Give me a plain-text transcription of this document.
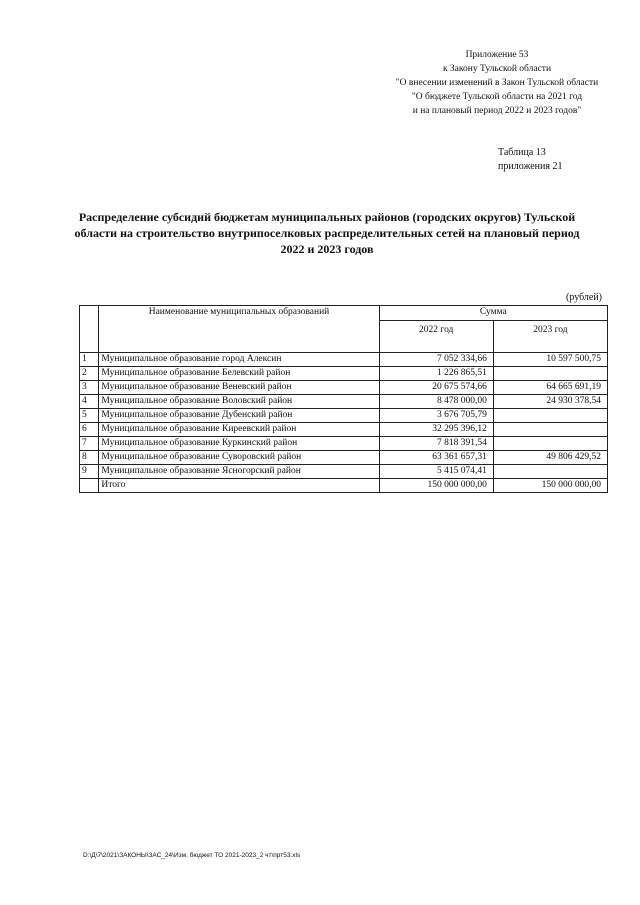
Приложение 53
к Закону Тульской области
"О внесении изменений в Закон Тульской области
"О бюджете Тульской области на 2021 год
и на плановый период 2022 и 2023 годов"
Таблица 13
приложения 21
Распределение субсидий бюджетам муниципальных районов (городских округов) Тульской области на строительство внутрипоселковых распределительных сетей на плановый период 2022 и 2023 годов
(рублей)
	Наименование муниципальных образований	Сумма	
		2022 год	2023 год
1	Муниципальное образование город Алексин	7 052 334,66	10 597 500,75
2	Муниципальное образование Белевский район	1 226 865,51	
3	Муниципальное образование Веневский район	20 675 574,66	64 665 691,19
4	Муниципальное образование Воловский район	8 478 000,00	24 930 378,54
5	Муниципальное образование Дубенский район	3 676 705,79	
6	Муниципальное образование Киреевский район	32 295 396,12	
7	Муниципальное образование Куркинский район	7 818 391,54	
8	Муниципальное образование Суворовский район	63 361 657,31	49 806 429,52
9	Муниципальное образование Ясногорский район	5 415 074,41	
	Итого	150 000 000,00	150 000 000,00
D:\Д\7\2021\ЗАКОНЫ\ЗАС_24\Изм. бюджет ТО 2021-2023_2 чт\прт53.xls
